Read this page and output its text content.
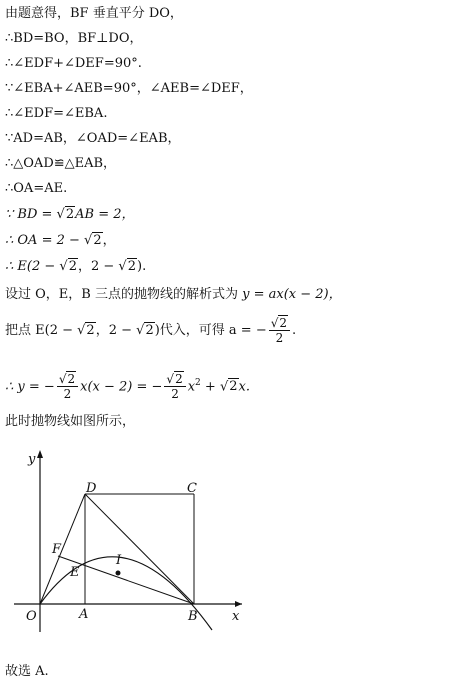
由题意得，BF 垂直平分 DO，
∴BD=BO，BF⊥DO，
∴∠EDF+∠DEF=90°.
∵∠EBA+∠AEB=90°，∠AEB=∠DEF，
∴∠EDF=∠EBA.
∵AD=AB，∠OAD=∠EAB，
∴△OAD≌△EAB，
∴OA=AE.
∵ BD = √2AB = 2，
∴ OA = 2 − √2，
∴ E(2 − √2，2 − √2).
设过 O，E，B 三点的抛物线的解析式为 y = ax(x − 2)，
把点 E(2 − √2，2 − √2)代入，可得 a = − $\frac{√2}{2}$ .
∴ y = − $\frac{√2}{2} x(x - 2)$ = − $\frac{√2}{2} x^2 + √2x$.
此时抛物线如图所示，
故选 A.
y
x
O	A	B
C
D
E
F
I
